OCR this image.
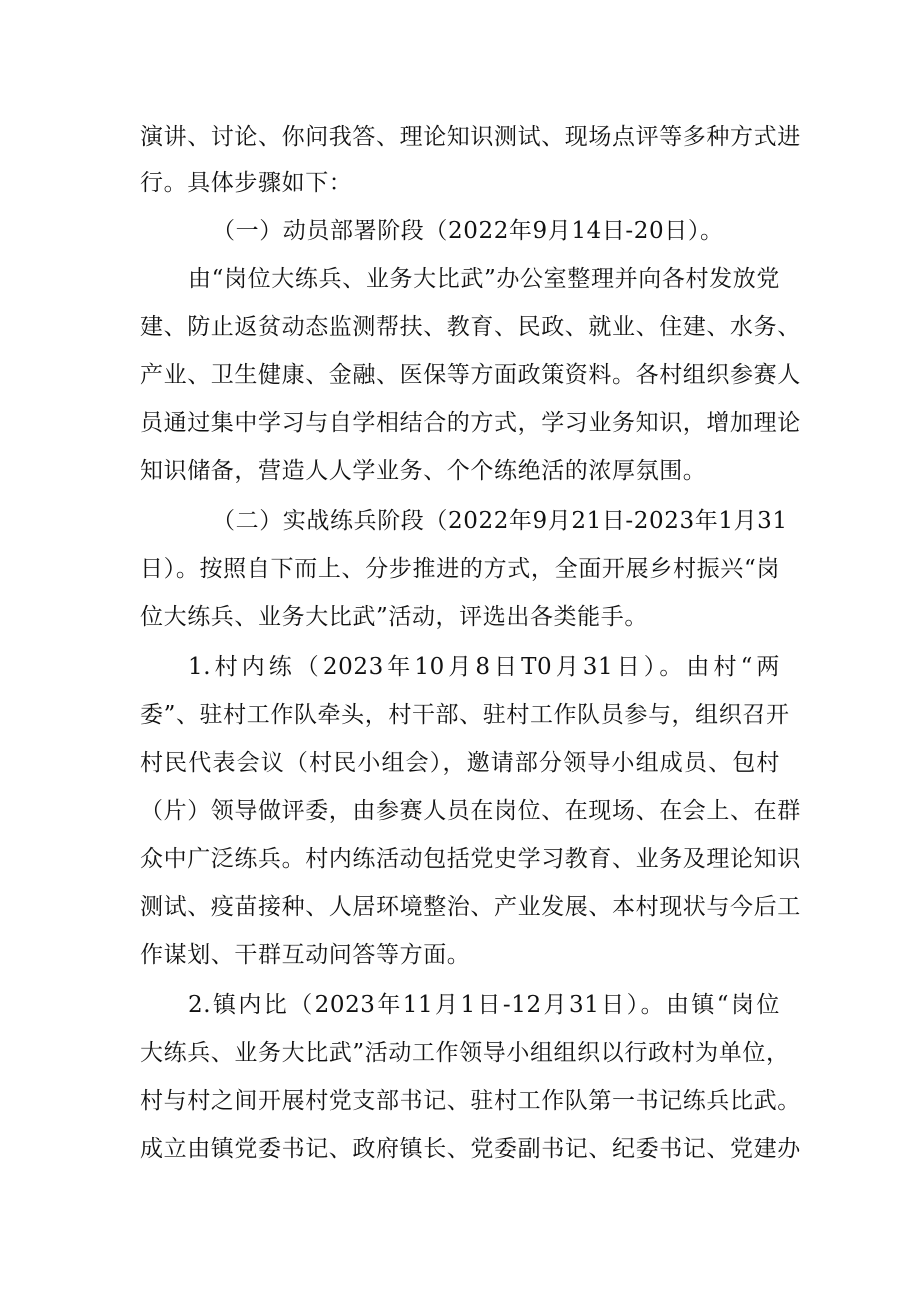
演讲、讨论、你问我答、理论知识测试、现场点评等多种方式进
行。具体步骤如下：
（一）动员部署阶段（2022年9月14日-20日）。
由“岗位大练兵、业务大比武”办公室整理并向各村发放党
建、防止返贫动态监测帮扶、教育、民政、就业、住建、水务、
产业、卫生健康、金融、医保等方面政策资料。各村组织参赛人
员通过集中学习与自学相结合的方式，学习业务知识，增加理论
知识储备，营造人人学业务、个个练绝活的浓厚氛围。
（二）实战练兵阶段（2022年9月21日-2023年1月31
日）。按照自下而上、分步推进的方式，全面开展乡村振兴“岗
位大练兵、业务大比武”活动，评选出各类能手。
1.村内练（2023年10月8日T0月31日）。由村“两
委”、驻村工作队牵头，村干部、驻村工作队员参与，组织召开
村民代表会议（村民小组会），邀请部分领导小组成员、包村
（片）领导做评委，由参赛人员在岗位、在现场、在会上、在群
众中广泛练兵。村内练活动包括党史学习教育、业务及理论知识
测试、疫苗接种、人居环境整治、产业发展、本村现状与今后工
作谋划、干群互动问答等方面。
2.镇内比（2023年11月1日-12月31日）。由镇“岗位
大练兵、业务大比武”活动工作领导小组组织以行政村为单位，
村与村之间开展村党支部书记、驻村工作队第一书记练兵比武。
成立由镇党委书记、政府镇长、党委副书记、纪委书记、党建办
